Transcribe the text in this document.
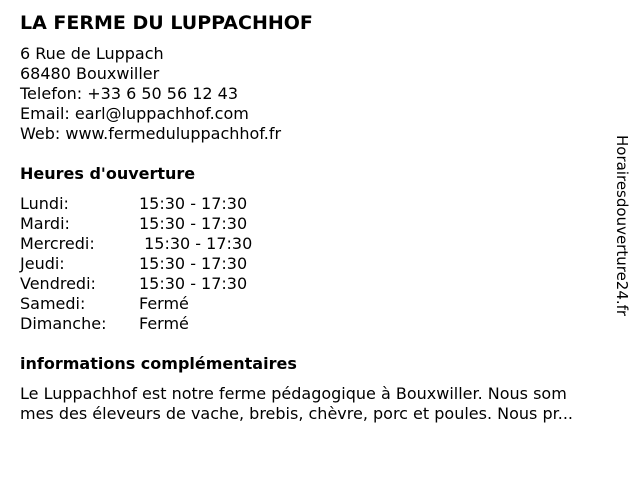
LA FERME DU LUPPACHHOF
6 Rue de Luppach
68480 Bouxwiller
Telefon: +33 6 50 56 12 43
Email: earl@luppachhof.com
Web: www.fermeduluppachhof.fr
Heures d'ouverture
Lundi:	15:30 - 17:30
Mardi:	15:30 - 17:30
Mercredi:	15:30 - 17:30
Jeudi:	15:30 - 17:30
Vendredi:	15:30 - 17:30
Samedi:	Fermé
Dimanche:	Fermé
informations complémentaires
Le Luppachhof est notre ferme pédagogique à Bouxwiller. Nous som
mes des éleveurs de vache, brebis, chèvre, porc et poules. Nous pr...
Horairesdouverture24.fr
